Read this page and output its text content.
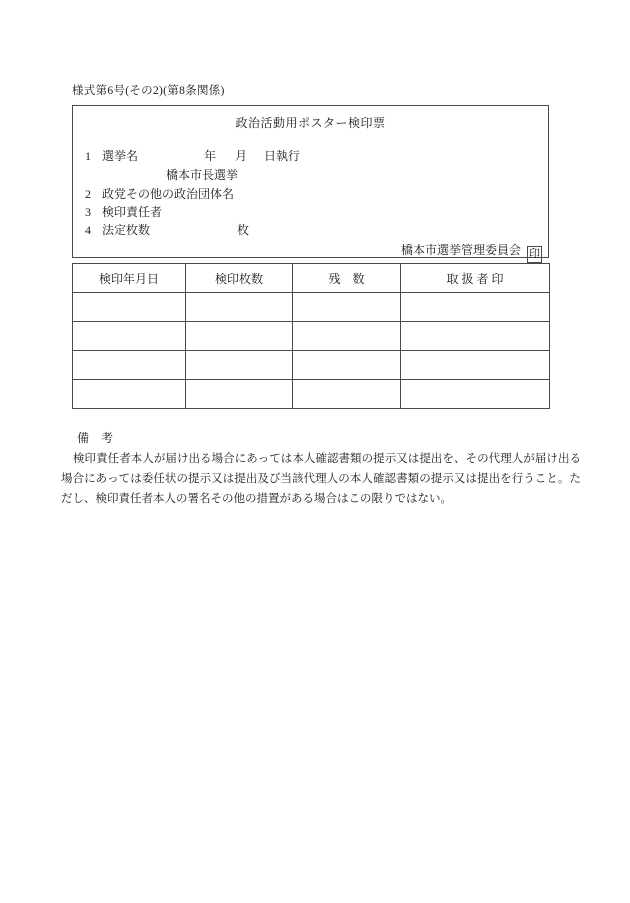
様式第6号(その2)(第8条関係)
政治活動用ポスター検印票
1 選挙名	年 月 日執行
橋本市長選挙
2 政党その他の政治団体名
3 検印責任者
4 法定枚数	枚
橋本市選挙管理委員会 印
検印年月日	検印枚数	残　数	取 扱 者 印

備　考

検印責任者本人が届け出る場合にあっては本人確認書類の提示又は提出を、その代理人が届け出る場合にあっては委任状の提示又は提出及び当該代理人の本人確認書類の提示又は提出を行うこと。ただし、検印責任者本人の署名その他の措置がある場合はこの限りではない。
